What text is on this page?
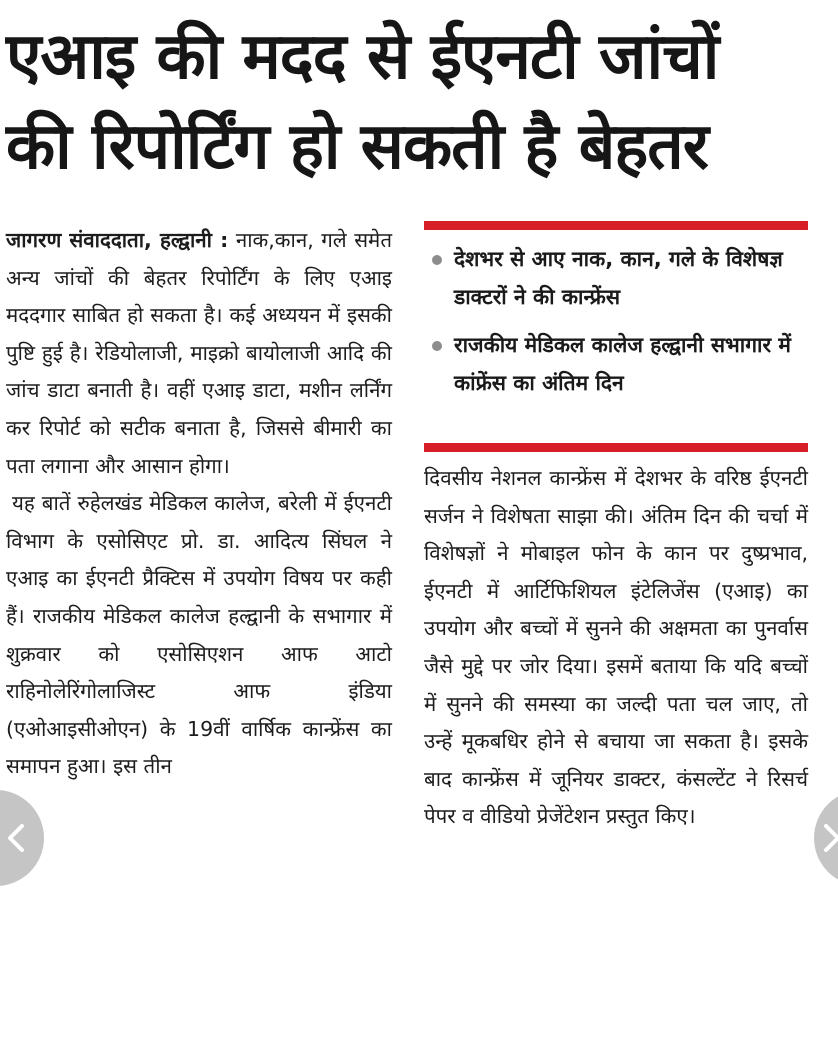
एआइ की मदद से ईएनटी जांचों
की रिपोर्टिंग हो सकती है बेहतर

जागरण संवाददाता, हल्द्वानी : नाक,कान, गले समेत अन्य जांचों की बेहतर रिपोर्टिंग के लिए एआइ मददगार साबित हो सकता है। कई अध्ययन में इसकी पुष्टि हुई है। रेडियोलाजी, माइक्रो बायोलाजी आदि की जांच डाटा बनाती है। वहीं एआइ डाटा, मशीन लर्निंग कर रिपोर्ट को सटीक बनाता है, जिससे बीमारी का पता लगाना और आसान होगा।

यह बातें रुहेलखंड मेडिकल कालेज, बरेली में ईएनटी विभाग के एसोसिएट प्रो. डा. आदित्य सिंघल ने एआइ का ईएनटी प्रैक्टिस में उपयोग विषय पर कही हैं। राजकीय मेडिकल कालेज हल्द्वानी के सभागार में शुक्रवार को एसोसिएशन आफ आटो राहिनोलेरिंगोलाजिस्ट आफ इंडिया (एओआइसीओएन) के 19वीं वार्षिक कान्फ्रेंस का समापन हुआ। इस तीन

देशभर से आए नाक, कान, गले के विशेषज्ञ डाक्टरों ने की कान्फ्रेंस
राजकीय मेडिकल कालेज हल्द्वानी सभागार में कांफ्रेंस का अंतिम दिन

दिवसीय नेशनल कान्फ्रेंस में देशभर के वरिष्ठ ईएनटी सर्जन ने विशेषता साझा की। अंतिम दिन की चर्चा में विशेषज्ञों ने मोबाइल फोन के कान पर दुष्प्रभाव, ईएनटी में आर्टिफिशियल इंटेलिजेंस (एआइ) का उपयोग और बच्चों में सुनने की अक्षमता का पुनर्वास जैसे मुद्दे पर जोर दिया। इसमें बताया कि यदि बच्चों में सुनने की समस्या का जल्दी पता चल जाए, तो उन्हें मूकबधिर होने से बचाया जा सकता है। इसके बाद कान्फ्रेंस में जूनियर डाक्टर, कंसल्टेंट ने रिसर्च पेपर व वीडियो प्रेजेंटेशन प्रस्तुत किए।
